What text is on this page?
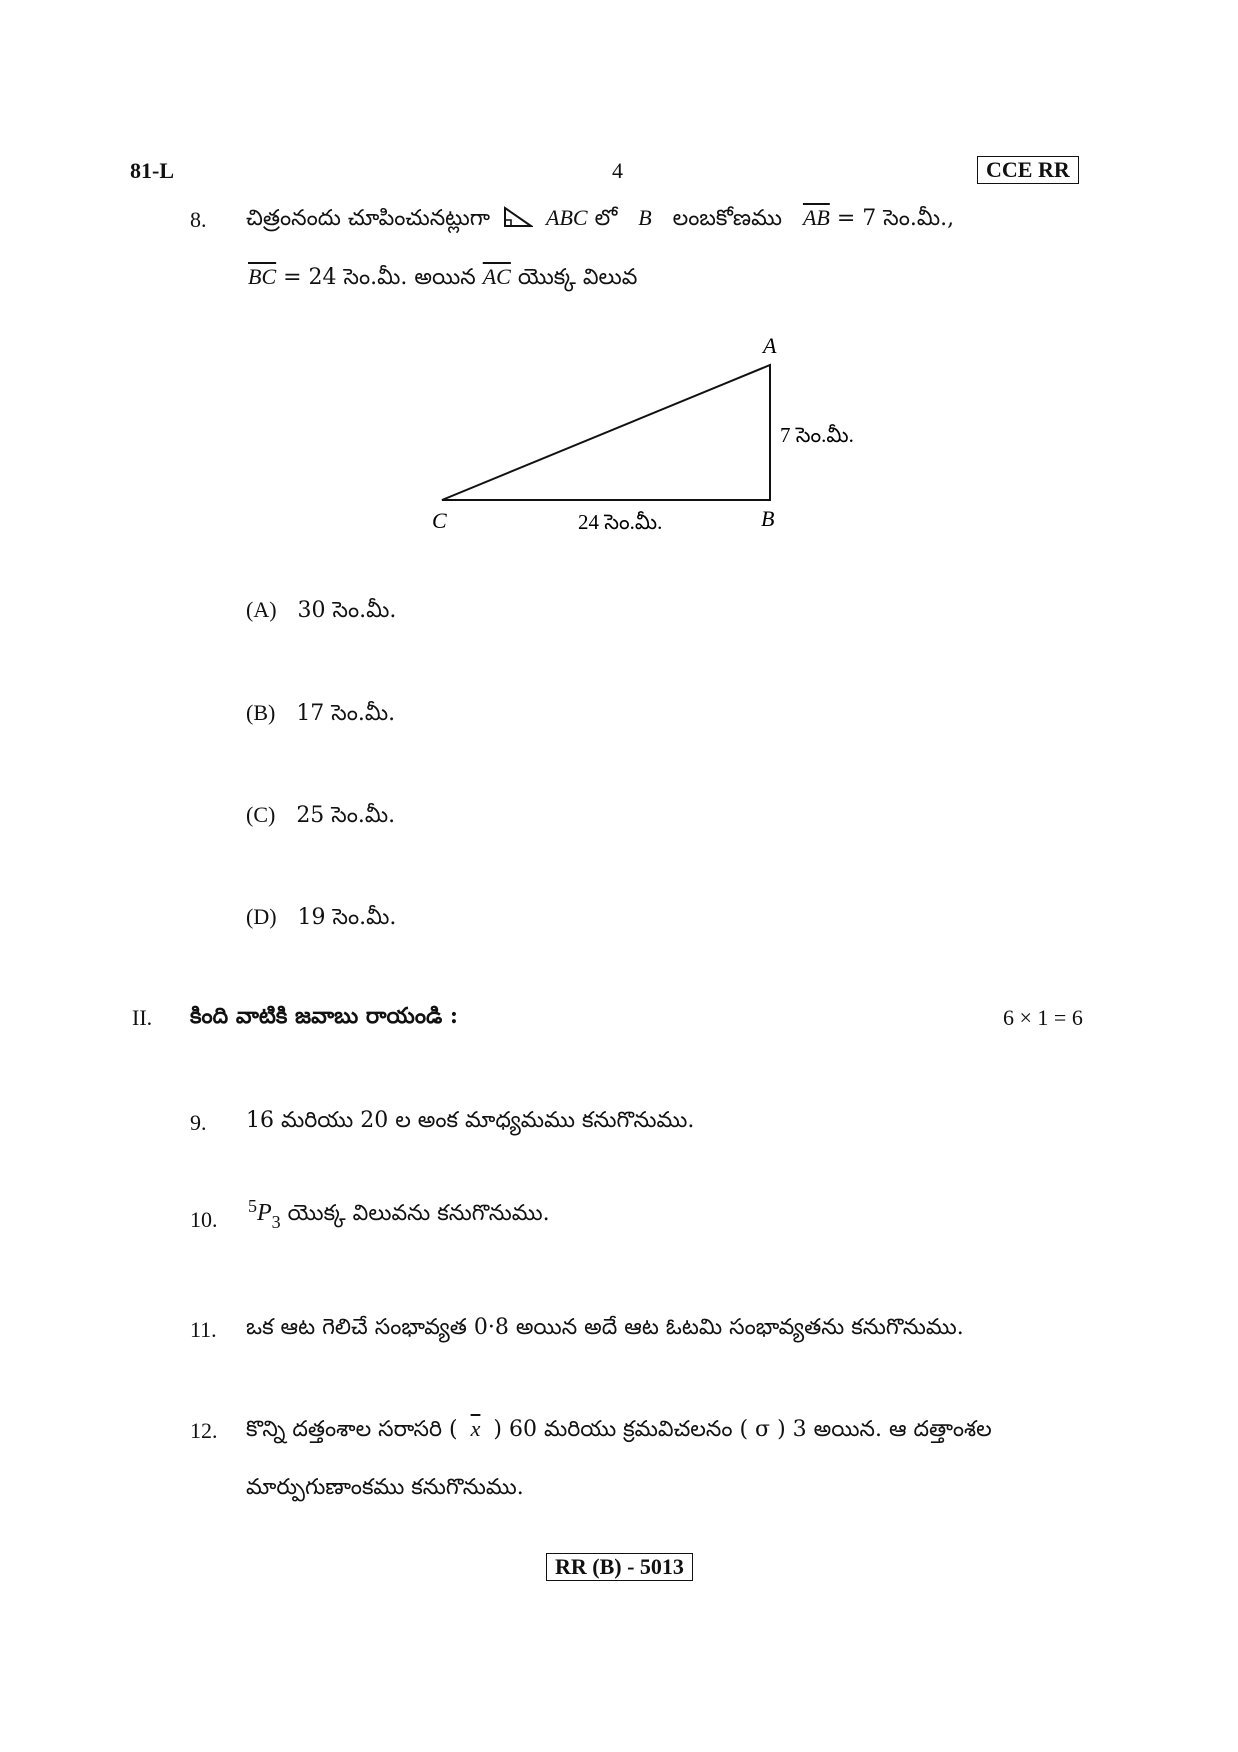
81-L	4	CCE RR
8. చిత్రంనందు చూపించునట్లుగా	ABC లో B లంబకోణము $\overline{AB} = 7$ సెం.మీ.,
$\overline{BC} = 24$ సెం.మీ. అయిన $\overline{AC}$ యొక్క విలువ
A
B
C
7 సెం.మీ.
24 సెం.మీ.
(A) 30 సెం.మీ.
(B) 17 సెం.మీ.
(C) 25 సెం.మీ.
(D) 19 సెం.మీ.
II. కింది వాటికి జవాబు రాయండి :	6 × 1 = 6
9. 16 మరియు 20 ల అంక మాధ్యమము కనుగొనుము.
10.
$^5P_3$ యొక్క విలువను కనుగొనుము.
11. ఒక ఆట గెలిచే సంభావ్యత 0·8 అయిన అదే ఆట ఓటమి సంభావ్యతను కనుగొనుము.
12. కొన్ని దత్తంశాల సరాసరి ( $\overline{x}$ ) 60 మరియు క్రమవిచలనం ( σ ) 3 అయిన. ఆ దత్తాంశల
మార్పుగుణాంకము కనుగొనుము.
RR (B) - 5013
